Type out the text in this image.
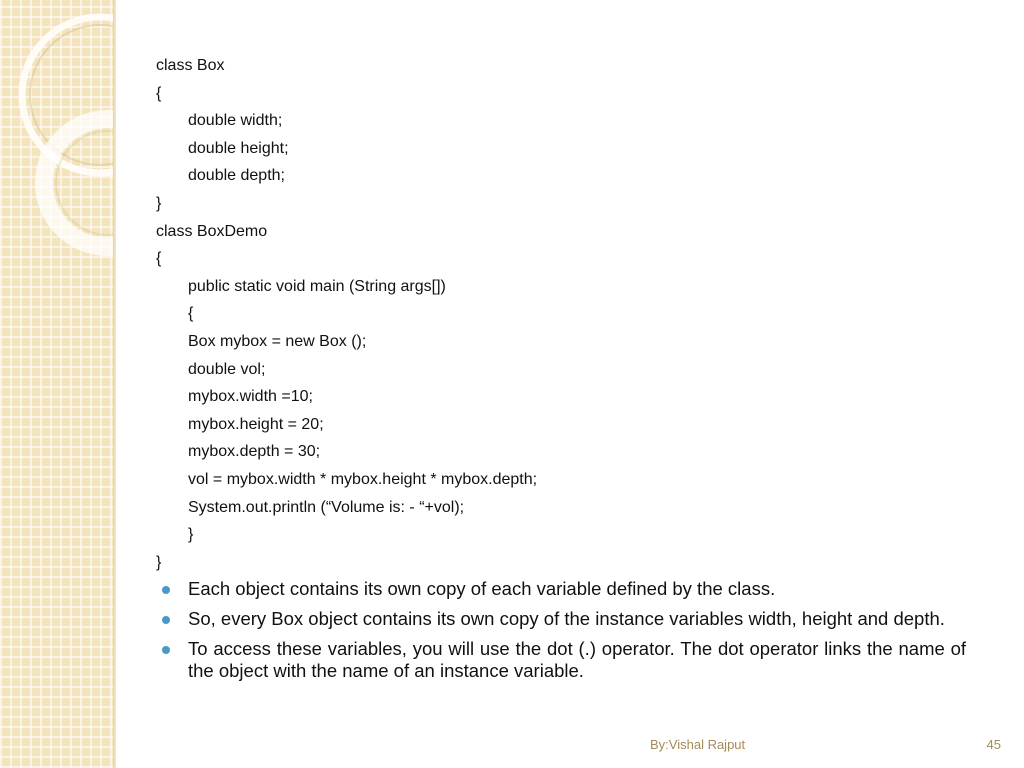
class Box
{
double width;
double height;
double depth;
}
class BoxDemo
{
public static void main (String args[])
{
Box mybox = new Box ();
double vol;
mybox.width =10;
mybox.height = 20;
mybox.depth = 30;
vol = mybox.width * mybox.height * mybox.depth;
System.out.println (“Volume is: - “+vol);
}
}
Each object contains its own copy of each variable defined by the class.
So, every Box object contains its own copy of the instance variables width, height and depth.
To access these variables, you will use the dot (.) operator. The dot operator links the name of the object with the name of an instance variable.
By:Vishal Rajput	45
